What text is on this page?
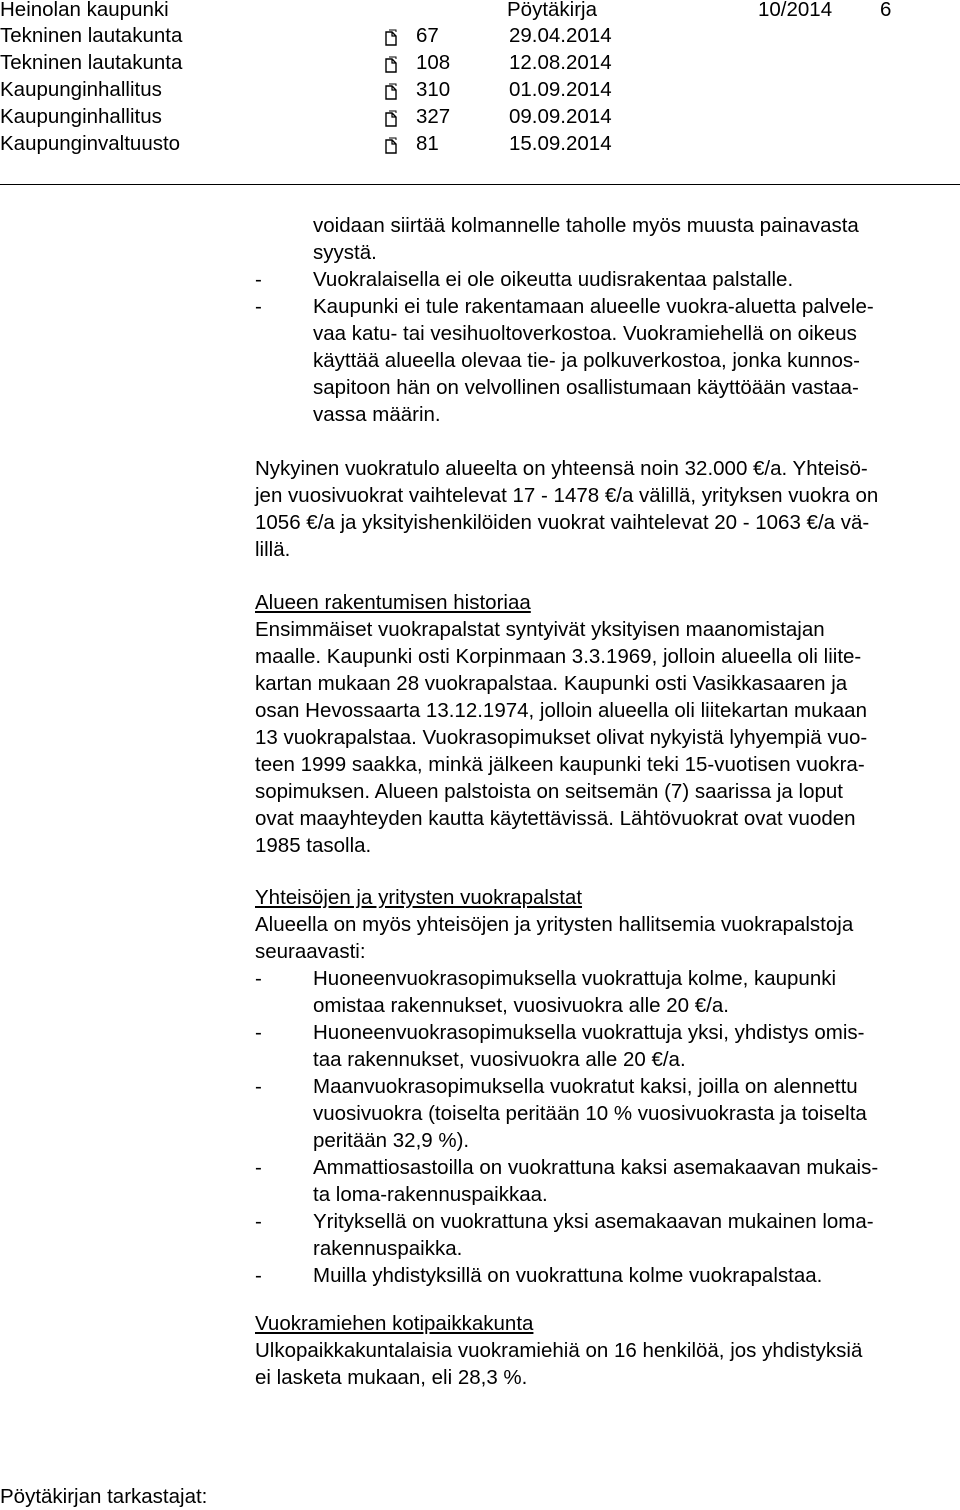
Heinolan kaupunki	Pöytäkirja	10/2014 6
Tekninen lautakunta	67	29.04.2014
Tekninen lautakunta	108	12.08.2014
Kaupunginhallitus	310	01.09.2014
Kaupunginhallitus	327	09.09.2014
Kaupunginvaltuusto	81	15.09.2014
voidaan siirtää kolmannelle taholle myös muusta painavasta
syystä.
- Vuokralaisella ei ole oikeutta uudisrakentaa palstalle.
- Kaupunki ei tule rakentamaan alueelle vuokra-aluetta palvele-
vaa katu- tai vesihuoltoverkostoa. Vuokramiehellä on oikeus
käyttää alueella olevaa tie- ja polkuverkostoa, jonka kunnos-
sapitoon hän on velvollinen osallistumaan käyttöään vastaa-
vassa määrin.
Nykyinen vuokratulo alueelta on yhteensä noin 32.000 €/a. Yhteisö-
jen vuosivuokrat vaihtelevat 17 - 1478 €/a välillä, yrityksen vuokra on
1056 €/a ja yksityishenkilöiden vuokrat vaihtelevat 20 - 1063 €/a vä-
lillä.
Alueen rakentumisen historiaa
Ensimmäiset vuokrapalstat syntyivät yksityisen maanomistajan
maalle. Kaupunki osti Korpinmaan 3.3.1969, jolloin alueella oli liite-
kartan mukaan 28 vuokrapalstaa. Kaupunki osti Vasikkasaaren ja
osan Hevossaarta 13.12.1974, jolloin alueella oli liitekartan mukaan
13 vuokrapalstaa. Vuokrasopimukset olivat nykyistä lyhyempiä vuo-
teen 1999 saakka, minkä jälkeen kaupunki teki 15-vuotisen vuokra-
sopimuksen. Alueen palstoista on seitsemän (7) saarissa ja loput
ovat maayhteyden kautta käytettävissä. Lähtövuokrat ovat vuoden
1985 tasolla.
Yhteisöjen ja yritysten vuokrapalstat
Alueella on myös yhteisöjen ja yritysten hallitsemia vuokrapalstoja
seuraavasti:
- Huoneenvuokrasopimuksella vuokrattuja kolme, kaupunki
omistaa rakennukset, vuosivuokra alle 20 €/a.
- Huoneenvuokrasopimuksella vuokrattuja yksi, yhdistys omis-
taa rakennukset, vuosivuokra alle 20 €/a.
- Maanvuokrasopimuksella vuokratut kaksi, joilla on alennettu
vuosivuokra (toiselta peritään 10 % vuosivuokrasta ja toiselta
peritään 32,9 %).
- Ammattiosastoilla on vuokrattuna kaksi asemakaavan mukais-
ta loma-rakennuspaikkaa.
- Yrityksellä on vuokrattuna yksi asemakaavan mukainen loma-
rakennuspaikka.
- Muilla yhdistyksillä on vuokrattuna kolme vuokrapalstaa.
Vuokramiehen kotipaikkakunta
Ulkopaikkakuntalaisia vuokramiehiä on 16 henkilöä, jos yhdistyksiä
ei lasketa mukaan, eli 28,3 %.
Pöytäkirjan tarkastajat:
